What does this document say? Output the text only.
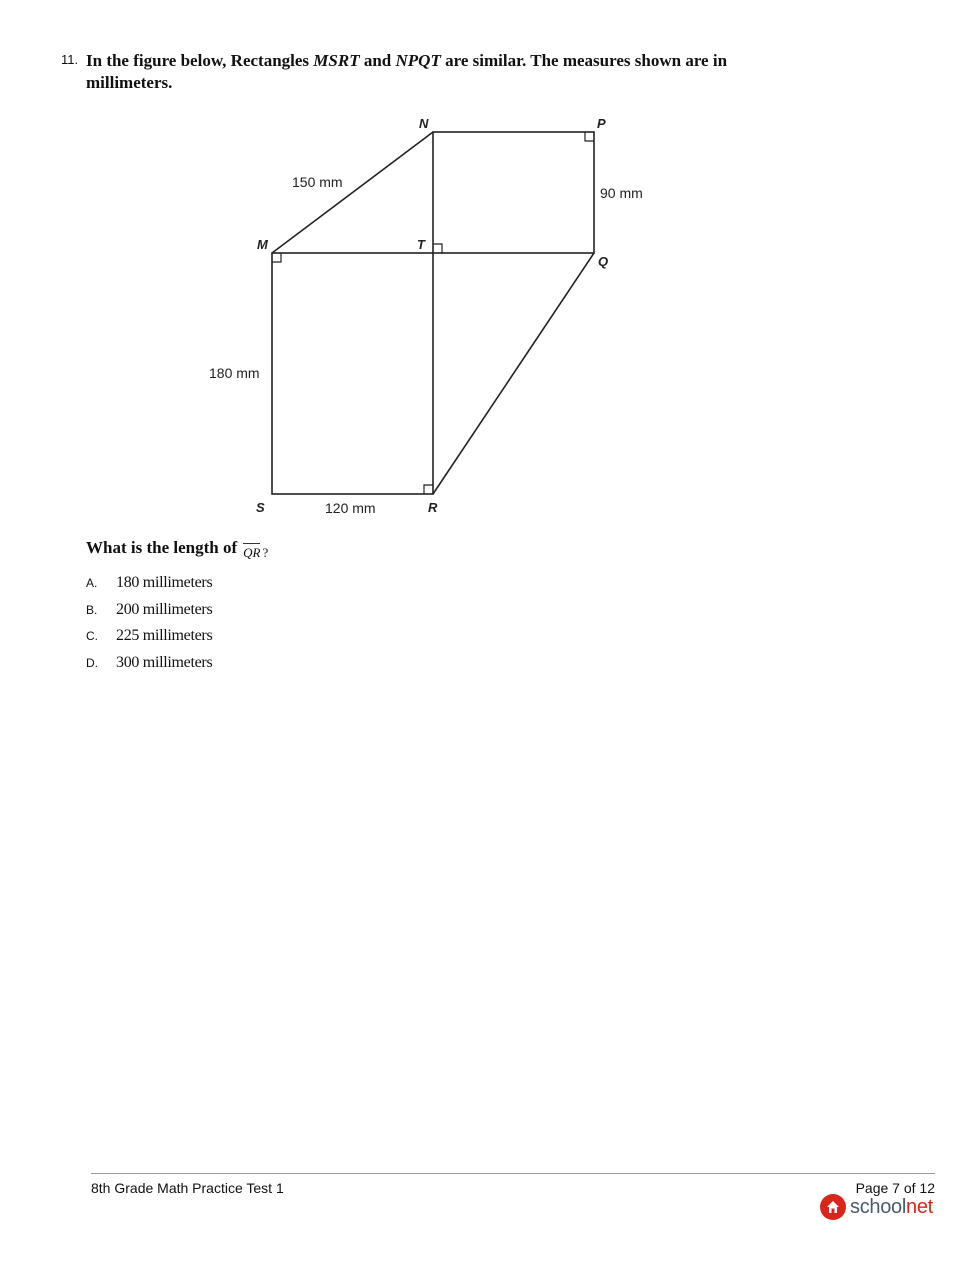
11. In the figure below, Rectangles MSRT and NPQT are similar. The measures shown are in millimeters.
N	P
M	T
Q
S	R
150 mm
90 mm
180 mm
120 mm
What is the length of QR $_?$
A.	180 millimeters
B.	200 millimeters
C.	225 millimeters
D.	300 millimeters
8th Grade Math Practice Test 1	Page 7 of 12
schoolnet
